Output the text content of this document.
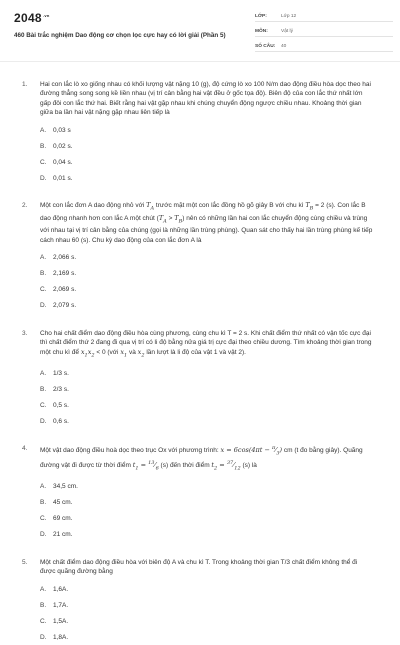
$2048^{.vn}$
460 Bài trắc nghiệm Dao động cơ chọn lọc cực hay có lời giải (Phần 5)
LỚP:	Lớp 12
MÔN:	Vật lý
SỐ CÂU:	40
1. Hai con lắc lò xo giống nhau có khối lượng vật nặng 10 (g), độ cứng lò xo 100 N/m dao động điều hòa dọc theo hai đường thẳng song song kề liền nhau (vị trí cân bằng hai vật đều ở gốc tọa độ). Biên độ của con lắc thứ nhất lớn gấp đôi con lắc thứ hai. Biết rằng hai vật gặp nhau khi chúng chuyển động ngược chiều nhau. Khoảng thời gian giữa ba lần hai vật nặng gặp nhau liên tiếp là
A.	0,03 s
B.	0,02 s.
C.	0,04 s.
D.	0,01 s.
2. Một con lắc đơn A dao động nhỏ với $T_A$ trước mặt một con lắc đồng hồ gõ giây B với chu kì $T_B = 2$ (s). Con lắc B dao động nhanh hơn con lắc A một chút $(T_A > T_B)$ nên có những lần hai con lắc chuyển động cùng chiều và trùng với nhau tại vị trí cân bằng của chúng (gọi là những lần trùng phùng). Quan sát cho thấy hai lần trùng phùng kế tiếp cách nhau 60 (s). Chu kỳ dao động của con lắc đơn A là
A.	2,066 s.
B.	2,169 s.
C.	2,069 s.
D.	2,079 s.
3. Cho hai chất điểm dao động điều hòa cùng phương, cùng chu kì T = 2 s. Khi chất điểm thứ nhất có vận tốc cực đại thì chất điểm thứ 2 đang đi qua vị trí có li độ bằng nửa giá trị cực đại theo chiều dương. Tìm khoảng thời gian trong một chu kì để $x_1x_2 < 0$ (với $x_1$ và $x_2$ lần lượt là li độ của vật 1 và vật 2).
A.	1/3 s.
B.	2/3 s.
C.	0,5 s.
D.	0,6 s.
4. Một vật dao động điều hoà dọc theo trục Ox với phương trình: $x = 6\cos(4\pi t - ^\pi⁄_3)$ cm (t đo bằng giây). Quãng đường vật đi được từ thời điểm $t_1$ = $^{13}⁄_6$ (s) đến thời điểm $t_2$ = $^{37}⁄_{12}$ (s) là
A.	34,5 cm.
B.	45 cm.
C.	69 cm.
D.	21 cm.
5. Một chất điểm dao động điều hòa với biên độ A và chu kì T. Trong khoảng thời gian T/3 chất điểm không thể đi được quãng đường bằng
A.	1,6A.
B.	1,7A.
C.	1,5A.
D.	1,8A.
